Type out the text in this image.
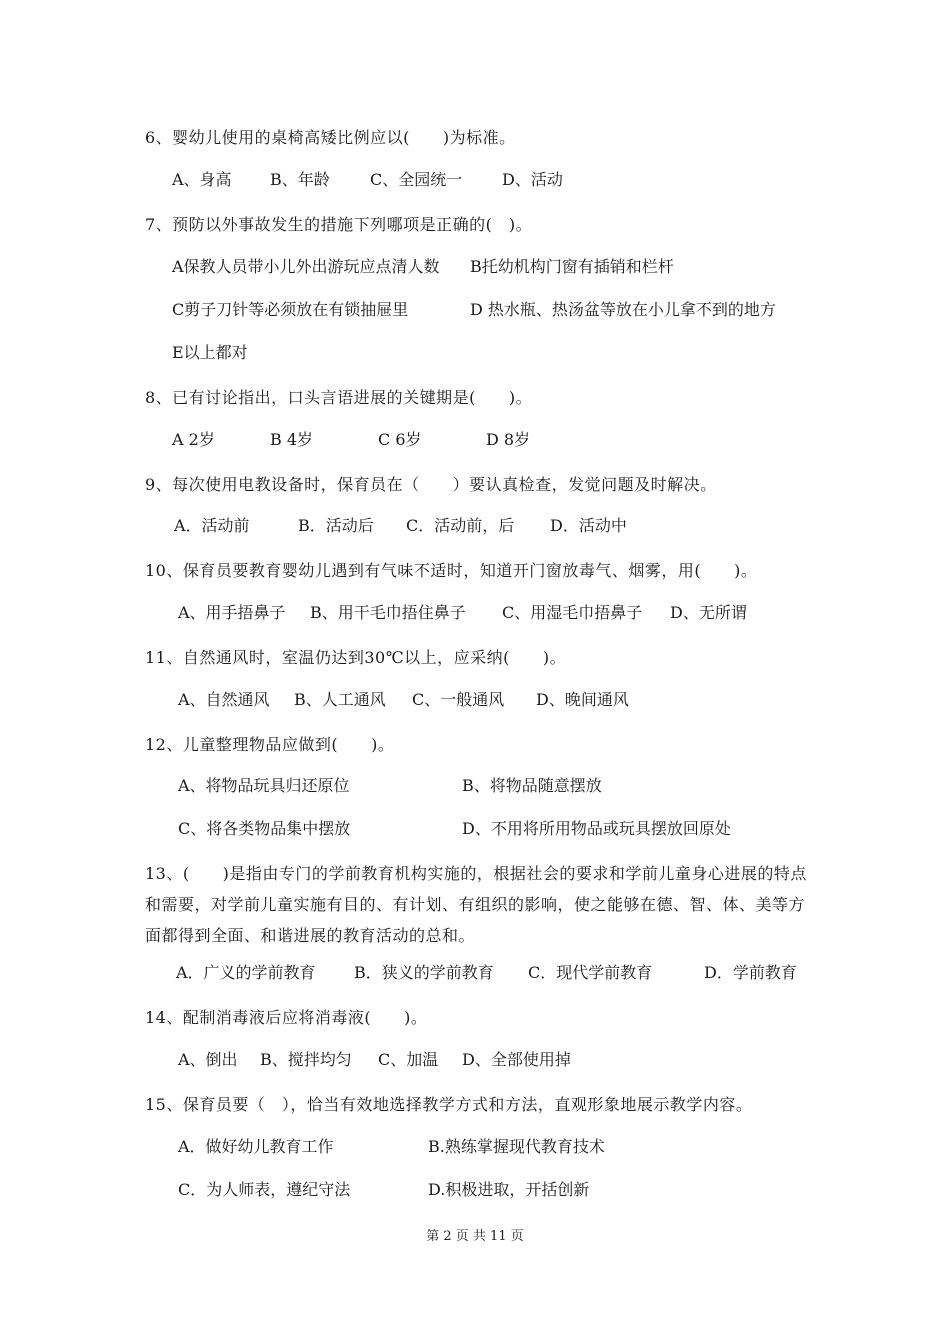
6、婴幼儿使用的桌椅高矮比例应以(　　)为标准。
A、身高 B、年龄	C、全园统一 D、活动
7、预防以外事故发生的措施下列哪项是正确的(　)。
A保教人员带小儿外出游玩应点清人数 B托幼机构门窗有插销和栏杆
C剪子刀针等必须放在有锁抽屉里	D 热水瓶、热汤盆等放在小儿拿不到的地方
E以上都对
8、已有讨论指出，口头言语进展的关键期是(　　)。
A 2岁	B 4岁	C 6岁	D 8岁
9、每次使用电教设备时，保育员在（　　）要认真检查，发觉问题及时解决。
A．活动前	B．活动后 C．活动前，后 D．活动中
10、保育员要教育婴幼儿遇到有气味不适时，知道开门窗放毒气、烟雾，用(　　)。
A、用手捂鼻子 B、用干毛巾捂住鼻子 C、用湿毛巾捂鼻子 D、无所谓
11、自然通风时，室温仍达到30℃以上，应采纳(　　)。
A、自然通风 B、人工通风 C、一般通风 D、晚间通风
12、儿童整理物品应做到(　　)。
A、将物品玩具归还原位	B、将物品随意摆放
C、将各类物品集中摆放	D、不用将所用物品或玩具摆放回原处
13、(　　)是指由专门的学前教育机构实施的，根据社会的要求和学前儿童身心进展的特点和需要，对学前儿童实施有目的、有计划、有组织的影响，使之能够在德、智、体、美等方面都得到全面、和谐进展的教育活动的总和。
A．广义的学前教育 B．狭义的学前教育 C．现代学前教育	D．学前教育
14、配制消毒液后应将消毒液(　　)。
A、倒出 B、搅拌均匀 C、加温 D、全部使用掉
15、保育员要（　），恰当有效地选择教学方式和方法，直观形象地展示教学内容。
A．做好幼儿教育工作	B.熟练掌握现代教育技术
C．为人师表，遵纪守法	D.积极进取，开括创新
第 2 页 共 11 页
